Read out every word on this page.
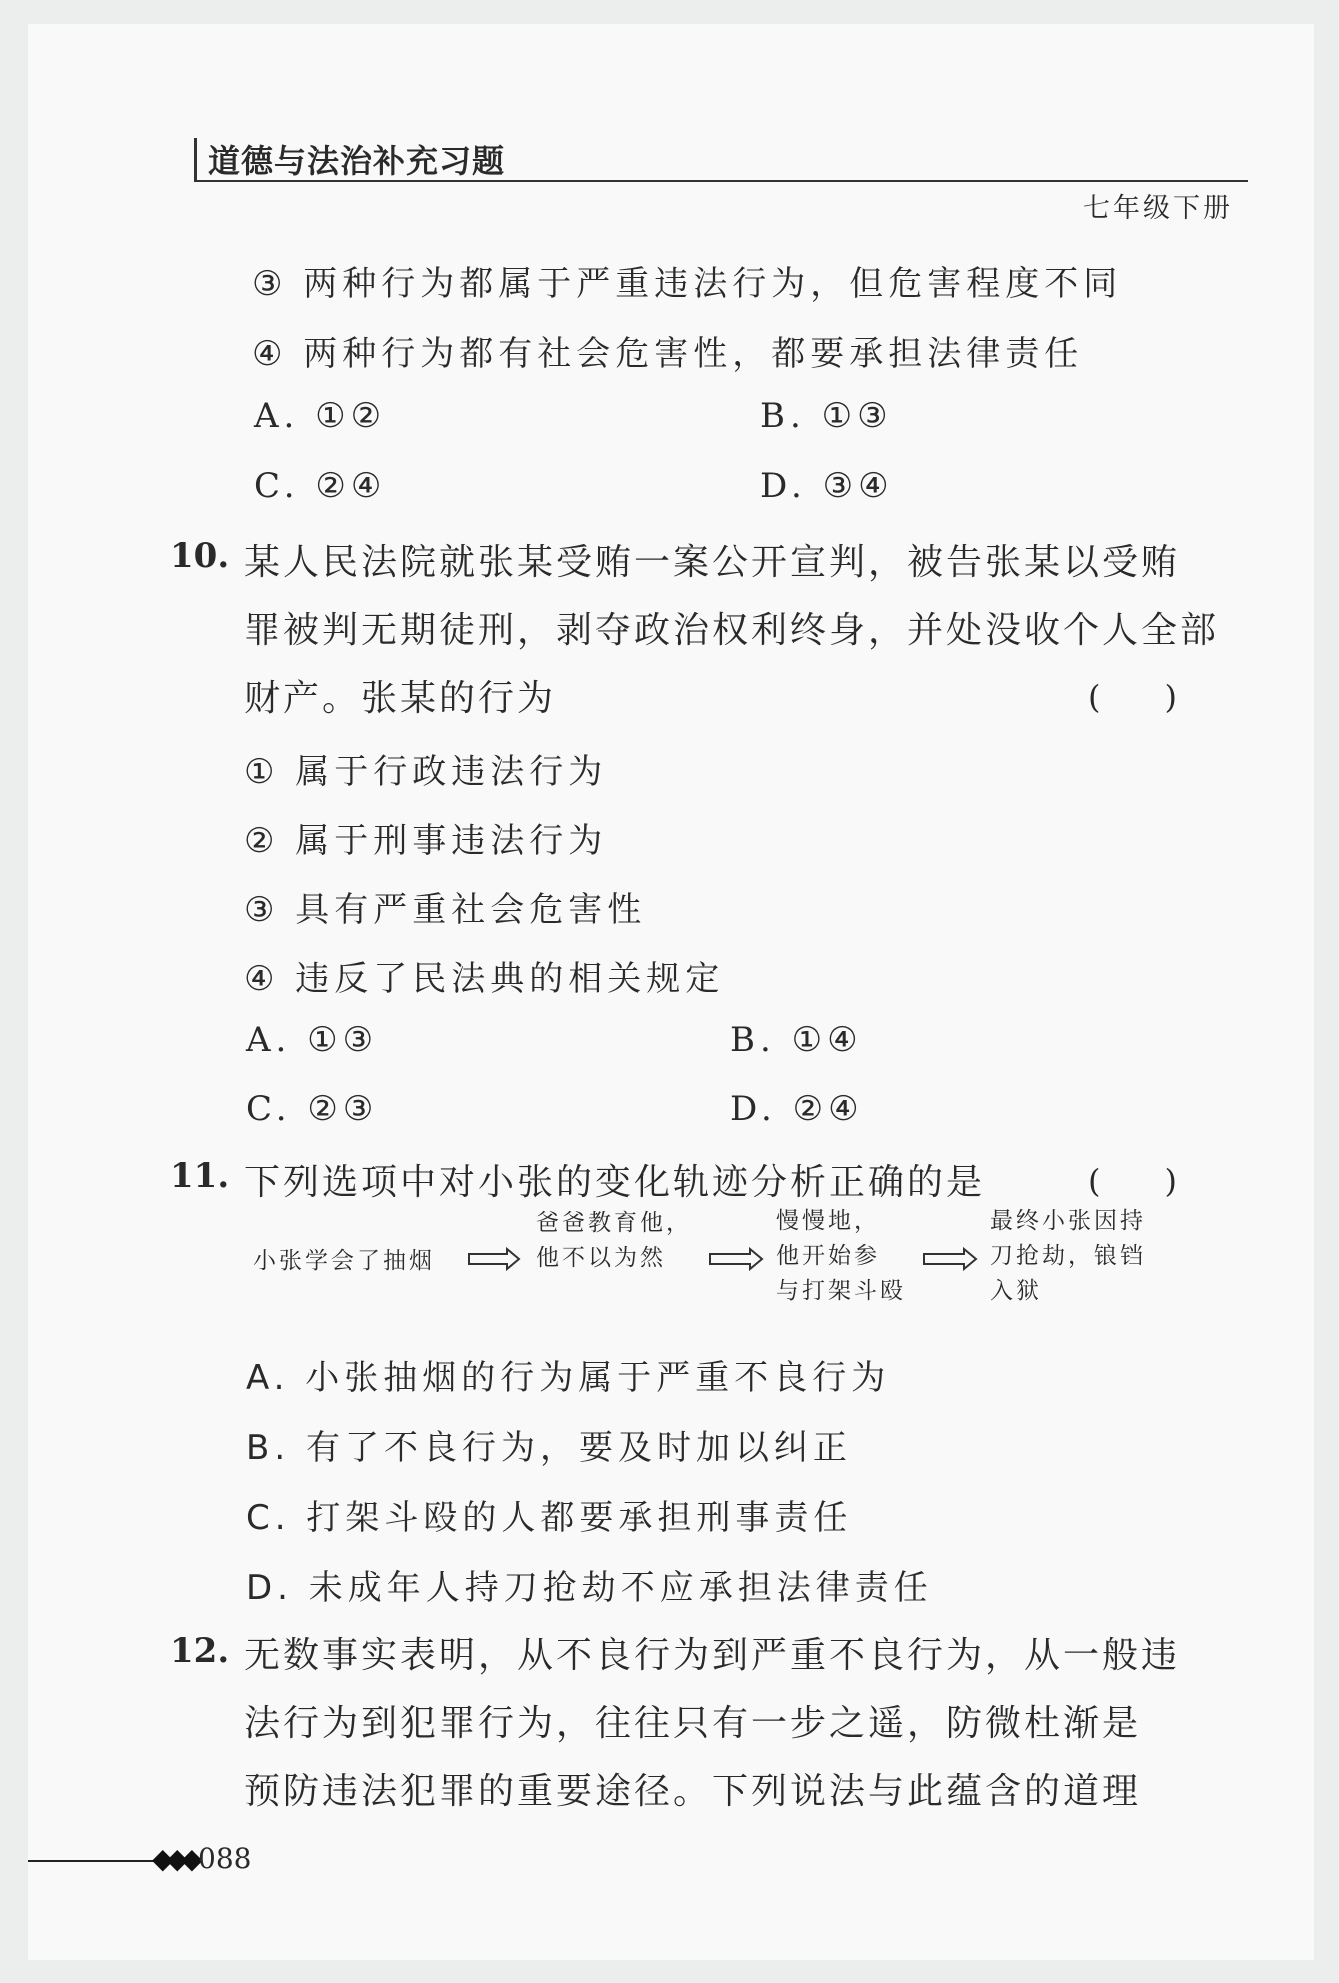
道德与法治补充习题
七年级下册
③ 两种行为都属于严重违法行为，但危害程度不同
④ 两种行为都有社会危害性，都要承担法律责任
A. ①②	B. ①③
C. ②④	D. ③④
10. 某人民法院就张某受贿一案公开宣判，被告张某以受贿
罪被判无期徒刑，剥夺政治权利终身，并处没收个人全部
财产。张某的行为	(　　)
① 属于行政违法行为
② 属于刑事违法行为
③ 具有严重社会危害性
④ 违反了民法典的相关规定
A. ①③	B. ①④
C. ②③	D. ②④
11. 下列选项中对小张的变化轨迹分析正确的是	(　　)
小张学会了抽烟
爸爸教育他，
他不以为然
慢慢地，
他开始参
与打架斗殴
最终小张因持
刀抢劫，锒铛
入狱
A. 小张抽烟的行为属于严重不良行为
B. 有了不良行为，要及时加以纠正
C. 打架斗殴的人都要承担刑事责任
D. 未成年人持刀抢劫不应承担法律责任
12. 无数事实表明，从不良行为到严重不良行为，从一般违
法行为到犯罪行为，往往只有一步之遥，防微杜渐是
预防违法犯罪的重要途径。下列说法与此蕴含的道理
◆◆◆ 088
